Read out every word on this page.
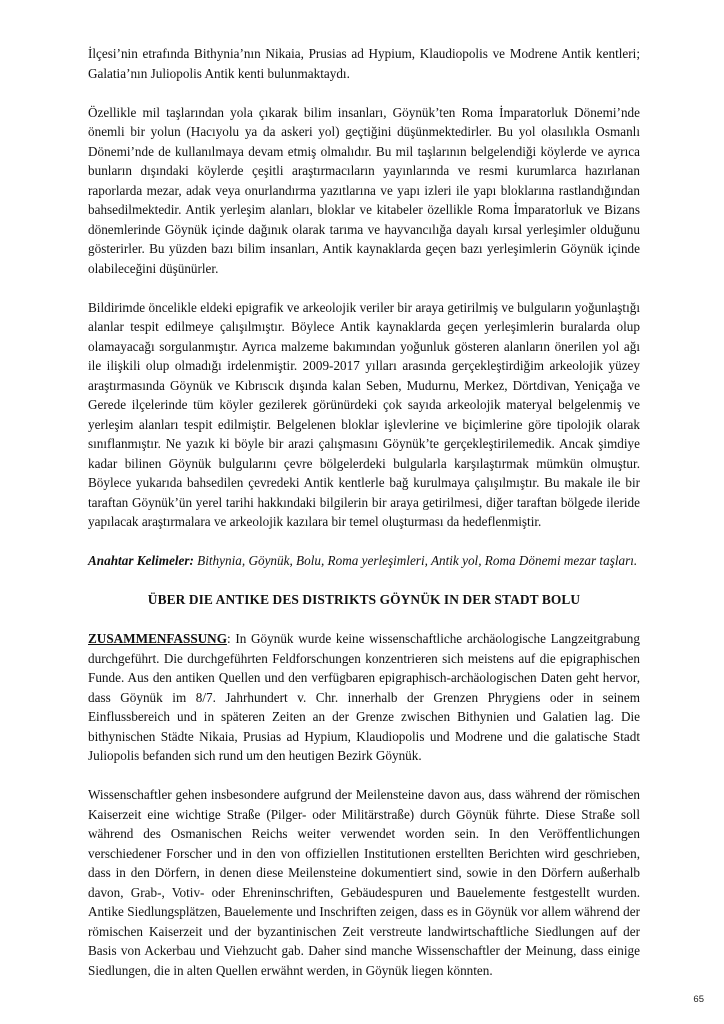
İlçesi’nin etrafında Bithynia’nın Nikaia, Prusias ad Hypium, Klaudiopolis ve Modrene Antik kentleri; Galatia’nın Juliopolis Antik kenti bulunmaktaydı.

Özellikle mil taşlarından yola çıkarak bilim insanları, Göynük’ten Roma İmparatorluk Dönemi’nde önemli bir yolun (Hacıyolu ya da askeri yol) geçtiğini düşünmektedirler. Bu yol olasılıkla Osmanlı Dönemi’nde de kullanılmaya devam etmiş olmalıdır. Bu mil taşlarının belgelendiği köylerde ve ayrıca bunların dışındaki köylerde çeşitli araştırmacıların yayınlarında ve resmi kurumlarca hazırlanan raporlarda mezar, adak veya onurlandırma yazıtlarına ve yapı izleri ile yapı bloklarına rastlandığından bahsedilmektedir. Antik yerleşim alanları, bloklar ve kitabeler özellikle Roma İmparatorluk ve Bizans dönemlerinde Göynük içinde dağınık olarak tarıma ve hayvancılığa dayalı kırsal yerleşimler olduğunu gösterirler. Bu yüzden bazı bilim insanları, Antik kaynaklarda geçen bazı yerleşimlerin Göynük içinde olabileceğini düşünürler.

Bildirimde öncelikle eldeki epigrafik ve arkeolojik veriler bir araya getirilmiş ve bulguların yoğunlaştığı alanlar tespit edilmeye çalışılmıştır. Böylece Antik kaynaklarda geçen yerleşimlerin buralarda olup olamayacağı sorgulanmıştır. Ayrıca malzeme bakımından yoğunluk gösteren alanların önerilen yol ağı ile ilişkili olup olmadığı irdelenmiştir. 2009-2017 yılları arasında gerçekleştirdiğim arkeolojik yüzey araştırmasında Göynük ve Kıbrıscık dışında kalan Seben, Mudurnu, Merkez, Dörtdivan, Yeniçağa ve Gerede ilçelerinde tüm köyler gezilerek görünürdeki çok sayıda arkeolojik materyal belgelenmiş ve yerleşim alanları tespit edilmiştir. Belgelenen bloklar işlevlerine ve biçimlerine göre tipolojik olarak sınıflanmıştır. Ne yazık ki böyle bir arazi çalışmasını Göynük’te gerçekleştirilemedik. Ancak şimdiye kadar bilinen Göynük bulgularını çevre bölgelerdeki bulgularla karşılaştırmak mümkün olmuştur. Böylece yukarıda bahsedilen çevredeki Antik kentlerle bağ kurulmaya çalışılmıştır. Bu makale ile bir taraftan Göynük’ün yerel tarihi hakkındaki bilgilerin bir araya getirilmesi, diğer taraftan bölgede ileride yapılacak araştırmalara ve arkeolojik kazılara bir temel oluşturması da hedeflenmiştir.

Anahtar Kelimeler: Bithynia, Göynük, Bolu, Roma yerleşimleri, Antik yol, Roma Dönemi mezar taşları.

ÜBER DIE ANTIKE DES DISTRIKTS GÖYNÜK IN DER STADT BOLU

ZUSAMMENFASSUNG: In Göynük wurde keine wissenschaftliche archäologische Langzeitgrabung durchgeführt. Die durchgeführten Feldforschungen konzentrieren sich meistens auf die epigraphischen Funde. Aus den antiken Quellen und den verfügbaren epigraphisch-archäologischen Daten geht hervor, dass Göynük im 8/7. Jahrhundert v. Chr. innerhalb der Grenzen Phrygiens oder in seinem Einflussbereich und in späteren Zeiten an der Grenze zwischen Bithynien und Galatien lag. Die bithynischen Städte Nikaia, Prusias ad Hypium, Klaudiopolis und Modrene und die galatische Stadt Juliopolis befanden sich rund um den heutigen Bezirk Göynük.

Wissenschaftler gehen insbesondere aufgrund der Meilensteine davon aus, dass während der römischen Kaiserzeit eine wichtige Straße (Pilger- oder Militärstraße) durch Göynük führte. Diese Straße soll während des Osmanischen Reichs weiter verwendet worden sein. In den Veröffentlichungen verschiedener Forscher und in den von offiziellen Institutionen erstellten Berichten wird geschrieben, dass in den Dörfern, in denen diese Meilensteine dokumentiert sind, sowie in den Dörfern außerhalb davon, Grab-, Votiv- oder Ehreninschriften, Gebäudespuren und Bauelemente festgestellt wurden. Antike Siedlungsplätzen, Bauelemente und Inschriften zeigen, dass es in Göynük vor allem während der römischen Kaiserzeit und der byzantinischen Zeit verstreute landwirtschaftliche Siedlungen auf der Basis von Ackerbau und Viehzucht gab. Daher sind manche Wissenschaftler der Meinung, dass einige Siedlungen, die in alten Quellen erwähnt werden, in Göynük liegen könnten.

65
